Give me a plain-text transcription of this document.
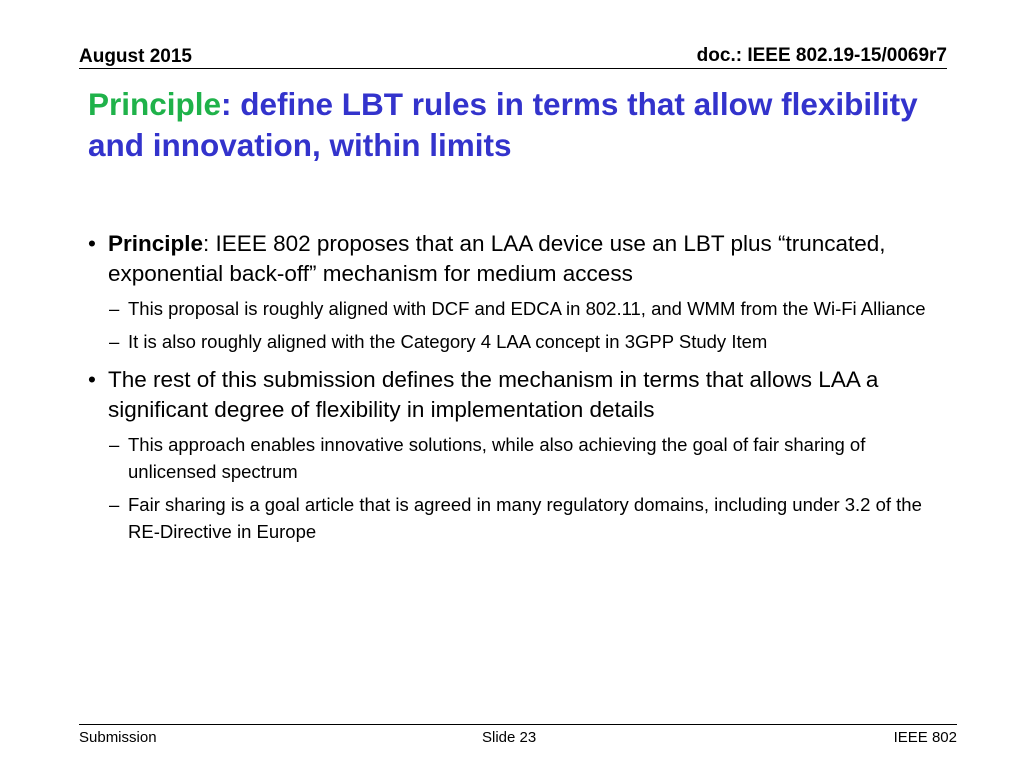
August 2015	doc.: IEEE 802.19-15/0069r7
Principle: define LBT rules in terms that allow flexibility and innovation, within limits
• Principle: IEEE 802 proposes that an LAA device use an LBT plus “truncated, exponential back-off” mechanism for medium access
– This proposal is roughly aligned with DCF and EDCA in 802.11, and WMM from the Wi-Fi Alliance
– It is also roughly aligned with the Category 4 LAA concept in 3GPP Study Item
• The rest of this submission defines the mechanism in terms that allows LAA a significant degree of flexibility in implementation details
– This approach enables innovative solutions, while also achieving the goal of fair sharing of unlicensed spectrum
– Fair sharing is a goal article that is agreed in many regulatory domains, including under 3.2 of the RE-Directive in Europe
Submission	Slide 23	IEEE 802
